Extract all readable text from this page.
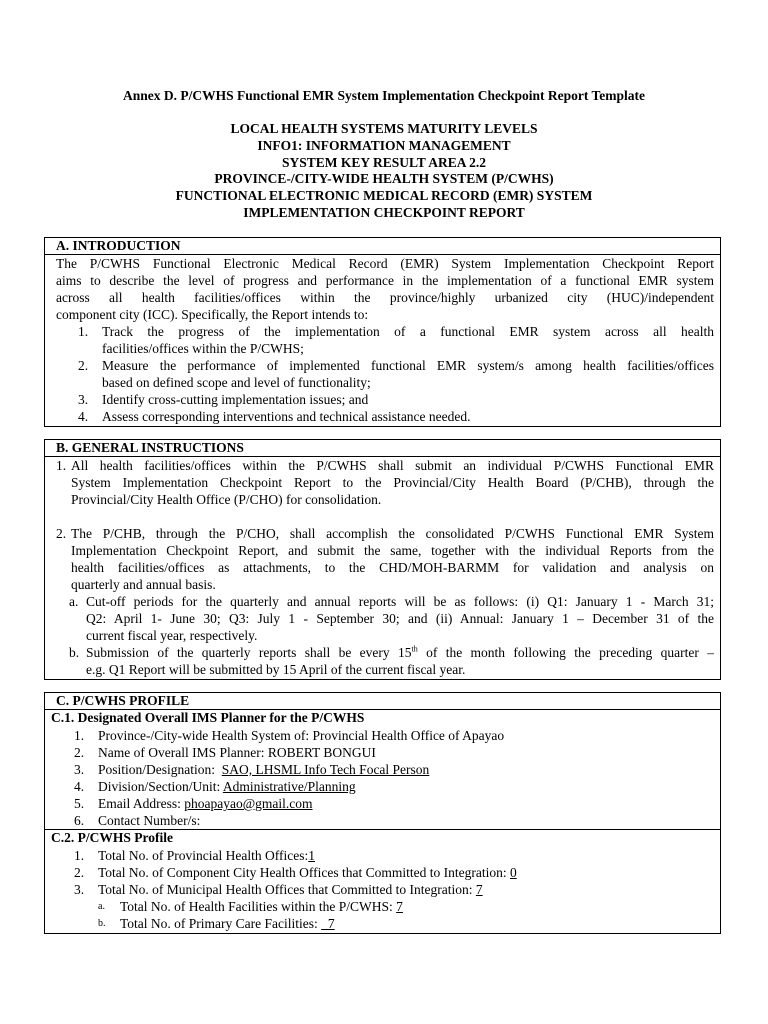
Annex D. P/CWHS Functional EMR System Implementation Checkpoint Report Template
LOCAL HEALTH SYSTEMS MATURITY LEVELS
INFO1: INFORMATION MANAGEMENT
SYSTEM KEY RESULT AREA 2.2
PROVINCE-/CITY-WIDE HEALTH SYSTEM (P/CWHS)
FUNCTIONAL ELECTRONIC MEDICAL RECORD (EMR) SYSTEM
IMPLEMENTATION CHECKPOINT REPORT
A. INTRODUCTION
The P/CWHS Functional Electronic Medical Record (EMR) System Implementation Checkpoint Report
aims to describe the level of progress and performance in the implementation of a functional EMR system
across all health facilities/offices within the province/highly urbanized city (HUC)/independent
component city (ICC). Specifically, the Report intends to:
1.	Track the progress of the implementation of a functional EMR system across all health
facilities/offices within the P/CWHS;
2.	Measure the performance of implemented functional EMR system/s among health facilities/offices
based on defined scope and level of functionality;
3.	Identify cross-cutting implementation issues; and
4.	Assess corresponding interventions and technical assistance needed.
B. GENERAL INSTRUCTIONS
1. All health facilities/offices within the P/CWHS shall submit an individual P/CWHS Functional EMR
System Implementation Checkpoint Report to the Provincial/City Health Board (P/CHB), through the
Provincial/City Health Office (P/CHO) for consolidation.
2. The P/CHB, through the P/CHO, shall accomplish the consolidated P/CWHS Functional EMR System
Implementation Checkpoint Report, and submit the same, together with the individual Reports from the
health facilities/offices as attachments, to the CHD/MOH-BARMM for validation and analysis on
quarterly and annual basis.
a. Cut-off periods for the quarterly and annual reports will be as follows: (i) Q1: January 1 - March 31;
Q2: April 1- June 30; Q3: July 1 - September 30; and (ii) Annual: January 1 – December 31 of the
current fiscal year, respectively.
b. Submission of the quarterly reports shall be every 15th of the month following the preceding quarter –
e.g. Q1 Report will be submitted by 15 April of the current fiscal year.
C. P/CWHS PROFILE
C.1. Designated Overall IMS Planner for the P/CWHS
1.	Province-/City-wide Health System of: Provincial Health Office of Apayao
2.	Name of Overall IMS Planner: ROBERT BONGUI
3.	Position/Designation:  SAO, LHSML Info Tech Focal Person
4.	Division/Section/Unit: Administrative/Planning
5.	Email Address: phoapayao@gmail.com
6.	Contact Number/s:
C.2. P/CWHS Profile
1.	Total No. of Provincial Health Offices:1
2.	Total No. of Component City Health Offices that Committed to Integration: 0
3.	Total No. of Municipal Health Offices that Committed to Integration: 7
a.	Total No. of Health Facilities within the P/CWHS: 7
b.	Total No. of Primary Care Facilities:   7
